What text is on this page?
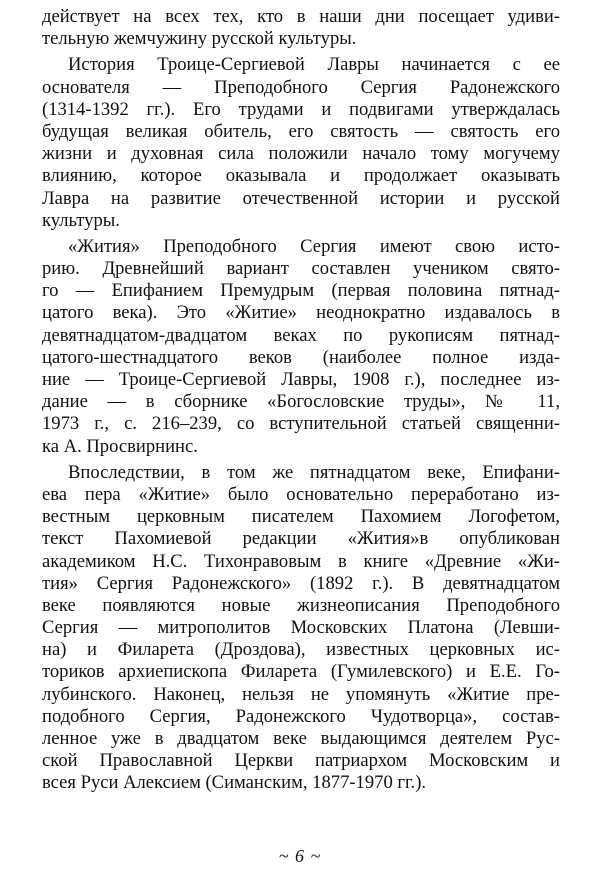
действует на всех тех, кто в наши дни посещает удиви-
тельную жемчужину русской культуры.
История Троице-Сергиевой Лавры начинается с ее
основателя — Преподобного Сергия Радонежского
(1314-1392 гг.). Его трудами и подвигами утверждалась
будущая великая обитель, его святость — святость его
жизни и духовная сила положили начало тому могучему
влиянию, которое оказывала и продолжает оказывать
Лавра на развитие отечественной истории и русской
культуры.
«Жития» Преподобного Сергия имеют свою исто-
рию. Древнейший вариант составлен учеником свято-
го — Епифанием Премудрым (первая половина пятнад-
цатого века). Это «Житие» неоднократно издавалось в
девятнадцатом-двадцатом веках по рукописям пятнад-
цатого-шестнадцатого веков (наиболее полное изда-
ние — Троице-Сергиевой Лавры, 1908 г.), последнее из-
дание — в сборнике «Богословские труды», № 11,
1973 г., с. 216–239, со вступительной статьей священни-
ка А. Просвирнинс.
Впоследствии, в том же пятнадцатом веке, Епифани-
ева пера «Житие» было основательно переработано из-
вестным церковным писателем Пахомием Логофетом,
текст Пахомиевой редакции «Жития»в опубликован
академиком Н.С. Тихонравовым в книге «Древние «Жи-
тия» Сергия Радонежского» (1892 г.). В девятнадцатом
веке появляются новые жизнеописания Преподобного
Сергия — митрополитов Московских Платона (Левши-
на) и Филарета (Дроздова), известных церковных ис-
ториков архиепископа Филарета (Гумилевского) и Е.Е. Го-
лубинского. Наконец, нельзя не упомянуть «Житие пре-
подобного Сергия, Радонежского Чудотворца», состав-
ленное уже в двадцатом веке выдающимся деятелем Рус-
ской Православной Церкви патриархом Московским и
всея Руси Алексием (Симанским, 1877-1970 гг.).
~ 6 ~
